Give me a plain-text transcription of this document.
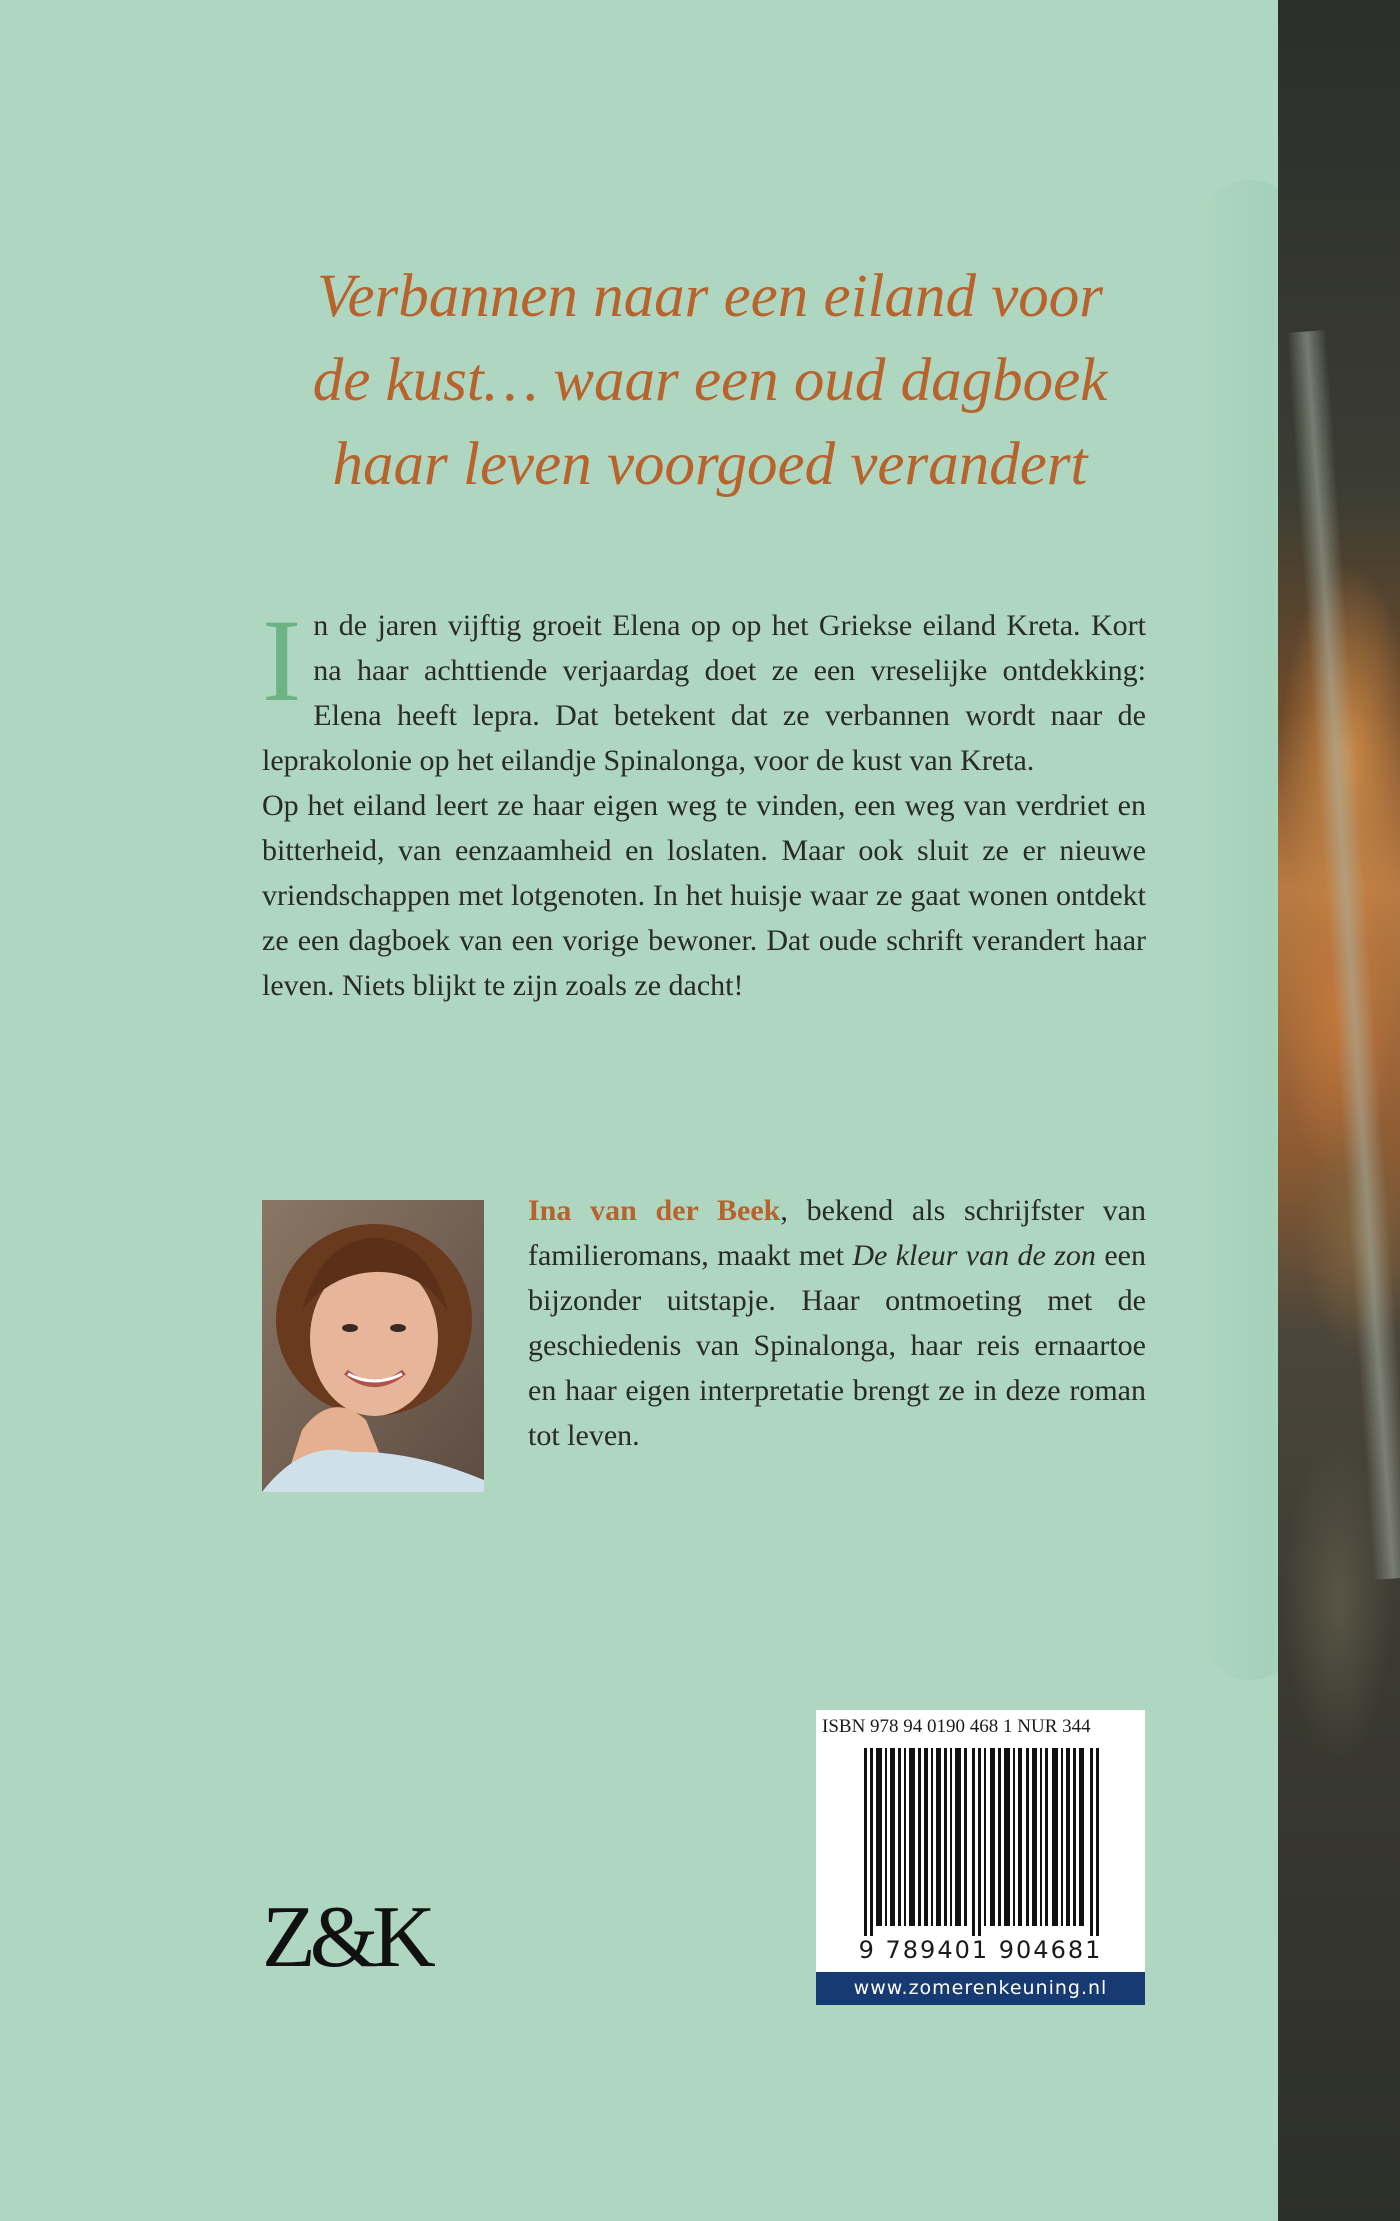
Verbannen naar een eiland voor
de kust… waar een oud dagboek
haar leven voorgoed verandert
I n de jaren vijftig groeit Elena op op het Griekse eiland Kreta. Kort na haar achttiende verjaardag doet ze een vreselijke ontdekking: Elena heeft lepra. Dat betekent dat ze verbannen wordt naar de leprakolonie op het eilandje Spinalonga, voor de kust van Kreta.

Op het eiland leert ze haar eigen weg te vinden, een weg van verdriet en bitterheid, van eenzaamheid en loslaten. Maar ook sluit ze er nieuwe vriendschappen met lotgenoten. In het huisje waar ze gaat wonen ontdekt ze een dagboek van een vorige bewoner. Dat oude schrift verandert haar leven. Niets blijkt te zijn zoals ze dacht!

Ina van der Beek, bekend als schrijfster van familieromans, maakt met De kleur van de zon een bijzonder uitstapje. Haar ontmoeting met de geschiedenis van Spinalonga, haar reis ernaartoe en haar eigen interpretatie brengt ze in deze roman tot leven.

ISBN 978 94 0190 468 1 NUR 344
9 789401 904681
www.zomerenkeuning.nl
Z&K
